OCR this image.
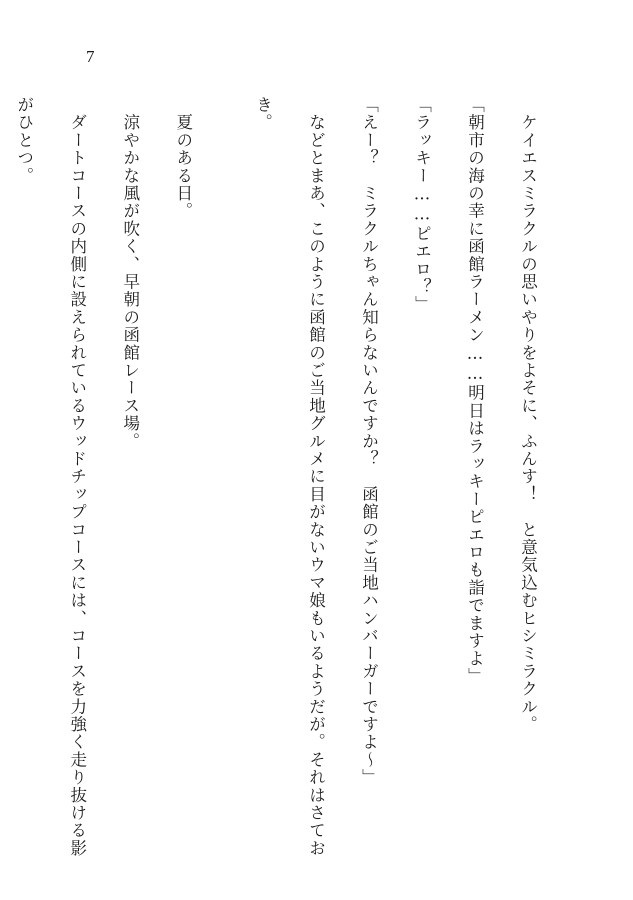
7

　ケイエスミラクルの思いやりをよそに、ふんす！　と意気込むヒシミラクル。

「朝市の海の幸に函館ラーメン……明日はラッキーピエロも詣でますよ」

「ラッキー……ピエロ？」

「えー？　ミラクルちゃん知らないんですか？　函館のご当地ハンバーガーですよ～」

　などとまあ、このように函館のご当地グルメに目がないウマ娘もいるようだが。それはさてお

き。

　夏のある日。

　涼やかな風が吹く、早朝の函館レース場。

　ダートコースの内側に設えられているウッドチップコースには、コースを力強く走り抜ける影

がひとつ。
